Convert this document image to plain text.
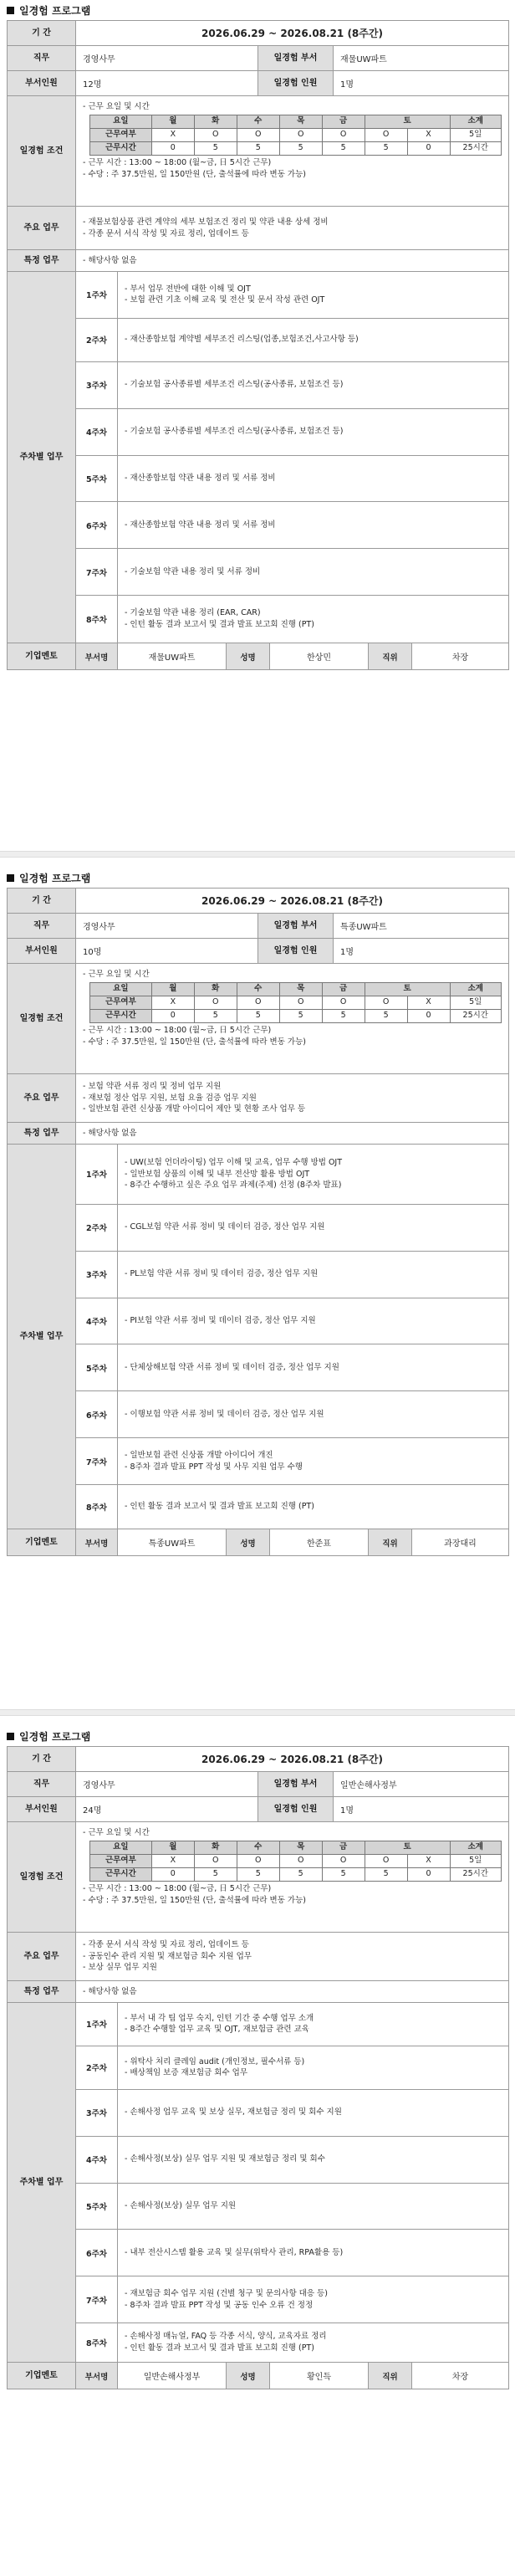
일경험 프로그램
기 간	2026.06.29 ~ 2026.08.21 (8주간)
직무	경영사무	일경험 부서	재물UW파트
부서인원	12명	일경험 인원	1명
일경험 조건
- 근무 요일 및 시간
요일	월	화	수	목	금	토		소계
근무여부	X	O	O	O	O	O	X	5일
근무시간	0	5	5	5	5	5	0	25시간
- 근무 시간 : 13:00 ~ 18:00 (월~금, 日 5시간 근무)
- 수당 : 주 37.5만원, 일 150만원 (단, 출석률에 따라 변동 가능)
주요 업무
- 재물보험상품 관련 계약의 세부 보험조건 정리 및 약관 내용 상세 정비
- 각종 문서 서식 작성 및 자료 정리, 업데이트 등
특정 업무	- 해당사항 없음
주차별 업무
1주차
- 부서 업무 전반에 대한 이해 및 OJT
- 보험 관련 기초 이해 교육 및 전산 및 문서 작성 관련 OJT
2주차	- 재산종합보험 계약별 세부조건 리스팅(업종,보험조건,사고사항 등)
3주차	- 기술보험 공사종류별 세부조건 리스팅(공사종류, 보험조건 등)
4주차	- 기술보험 공사종류별 세부조건 리스팅(공사종류, 보험조건 등)
5주차	- 재산종합보험 약관 내용 정리 및 서류 정비
6주차	- 재산종합보험 약관 내용 정리 및 서류 정비
7주차	- 기술보험 약관 내용 정리 및 서류 정비
8주차
- 기술보험 약관 내용 정리 (EAR, CAR)
- 인턴 활동 결과 보고서 및 결과 발표 보고회 진행 (PT)
기업멘토	부서명	재물UW파트	성명	한상민	직위	차장
일경험 프로그램
기 간	2026.06.29 ~ 2026.08.21 (8주간)
직무	경영사무	일경험 부서	특종UW파트
부서인원	10명	일경험 인원	1명
일경험 조건
- 근무 요일 및 시간
요일	월	화	수	목	금	토		소계
근무여부	X	O	O	O	O	O	X	5일
근무시간	0	5	5	5	5	5	0	25시간
- 근무 시간 : 13:00 ~ 18:00 (월~금, 日 5시간 근무)
- 수당 : 주 37.5만원, 일 150만원 (단, 출석률에 따라 변동 가능)
주요 업무
- 보험 약관 서류 정리 및 정비 업무 지원
- 재보험 정산 업무 지원, 보험 요율 검증 업무 지원
- 일반보험 관련 신상품 개발 아이디어 제안 및 현황 조사 업무 등
특정 업무	- 해당사항 없음
주차별 업무
1주차
- UW(보험 언더라이팅) 업무 이해 및 교육, 업무 수행 방법 OJT
- 일반보험 상품의 이해 및 내부 전산망 활용 방법 OJT
- 8주간 수행하고 싶은 주요 업무 과제(주제) 선정 (8주차 발표)
2주차	- CGL보험 약관 서류 정비 및 데이터 검증, 정산 업무 지원
3주차	- PL보험 약관 서류 정비 및 데이터 검증, 정산 업무 지원
4주차	- PI보험 약관 서류 정비 및 데이터 검증, 정산 업무 지원
5주차	- 단체상해보험 약관 서류 정비 및 데이터 검증, 정산 업무 지원
6주차	- 이행보험 약관 서류 정비 및 데이터 검증, 정산 업무 지원
7주차
- 일반보험 관련 신상품 개발 아이디어 개진
- 8주차 결과 발표 PPT 작성 및 사무 지원 업무 수행
8주차	- 인턴 활동 결과 보고서 및 결과 발표 보고회 진행 (PT)
기업멘토	부서명	특종UW파트	성명	한준표	직위	과장대리
일경험 프로그램
기 간	2026.06.29 ~ 2026.08.21 (8주간)
직무	경영사무	일경험 부서	일반손해사정부
부서인원	24명	일경험 인원	1명
일경험 조건
- 근무 요일 및 시간
요일	월	화	수	목	금	토		소계
근무여부	X	O	O	O	O	O	X	5일
근무시간	0	5	5	5	5	5	0	25시간
- 근무 시간 : 13:00 ~ 18:00 (월~금, 日 5시간 근무)
- 수당 : 주 37.5만원, 일 150만원 (단, 출석률에 따라 변동 가능)
주요 업무
- 각종 문서 서식 작성 및 자료 정리, 업데이트 등
- 공동인수 관리 지원 및 재보험금 회수 지원 업무
- 보상 실무 업무 지원
특정 업무	- 해당사항 없음
주차별 업무
1주차
- 부서 내 각 팀 업무 숙지, 인턴 기간 중 수행 업무 소개
- 8주간 수행할 업무 교육 및 OJT, 재보험금 관련 교육
2주차
- 위탁사 처리 클레임 audit (개인정보, 필수서류 등)
- 배상책임 보증 재보험금 회수 업무
3주차	- 손해사정 업무 교육 및 보상 실무, 재보험금 정리 및 회수 지원
4주차	- 손해사정(보상) 실무 업무 지원 및 재보험금 정리 및 회수
5주차	- 손해사정(보상) 실무 업무 지원
6주차	- 내부 전산시스템 활용 교육 및 실무(위탁사 관리, RPA활용 등)
7주차
- 재보험금 회수 업무 지원 (건별 청구 및 문의사항 대응 등)
- 8주차 결과 발표 PPT 작성 및 공동 인수 오류 건 정정
8주차
- 손해사정 매뉴얼, FAQ 등 각종 서식, 양식, 교육자료 정리
- 인턴 활동 결과 보고서 및 결과 발표 보고회 진행 (PT)
기업멘토	부서명	일반손해사정부	성명	황인득	직위	차장
